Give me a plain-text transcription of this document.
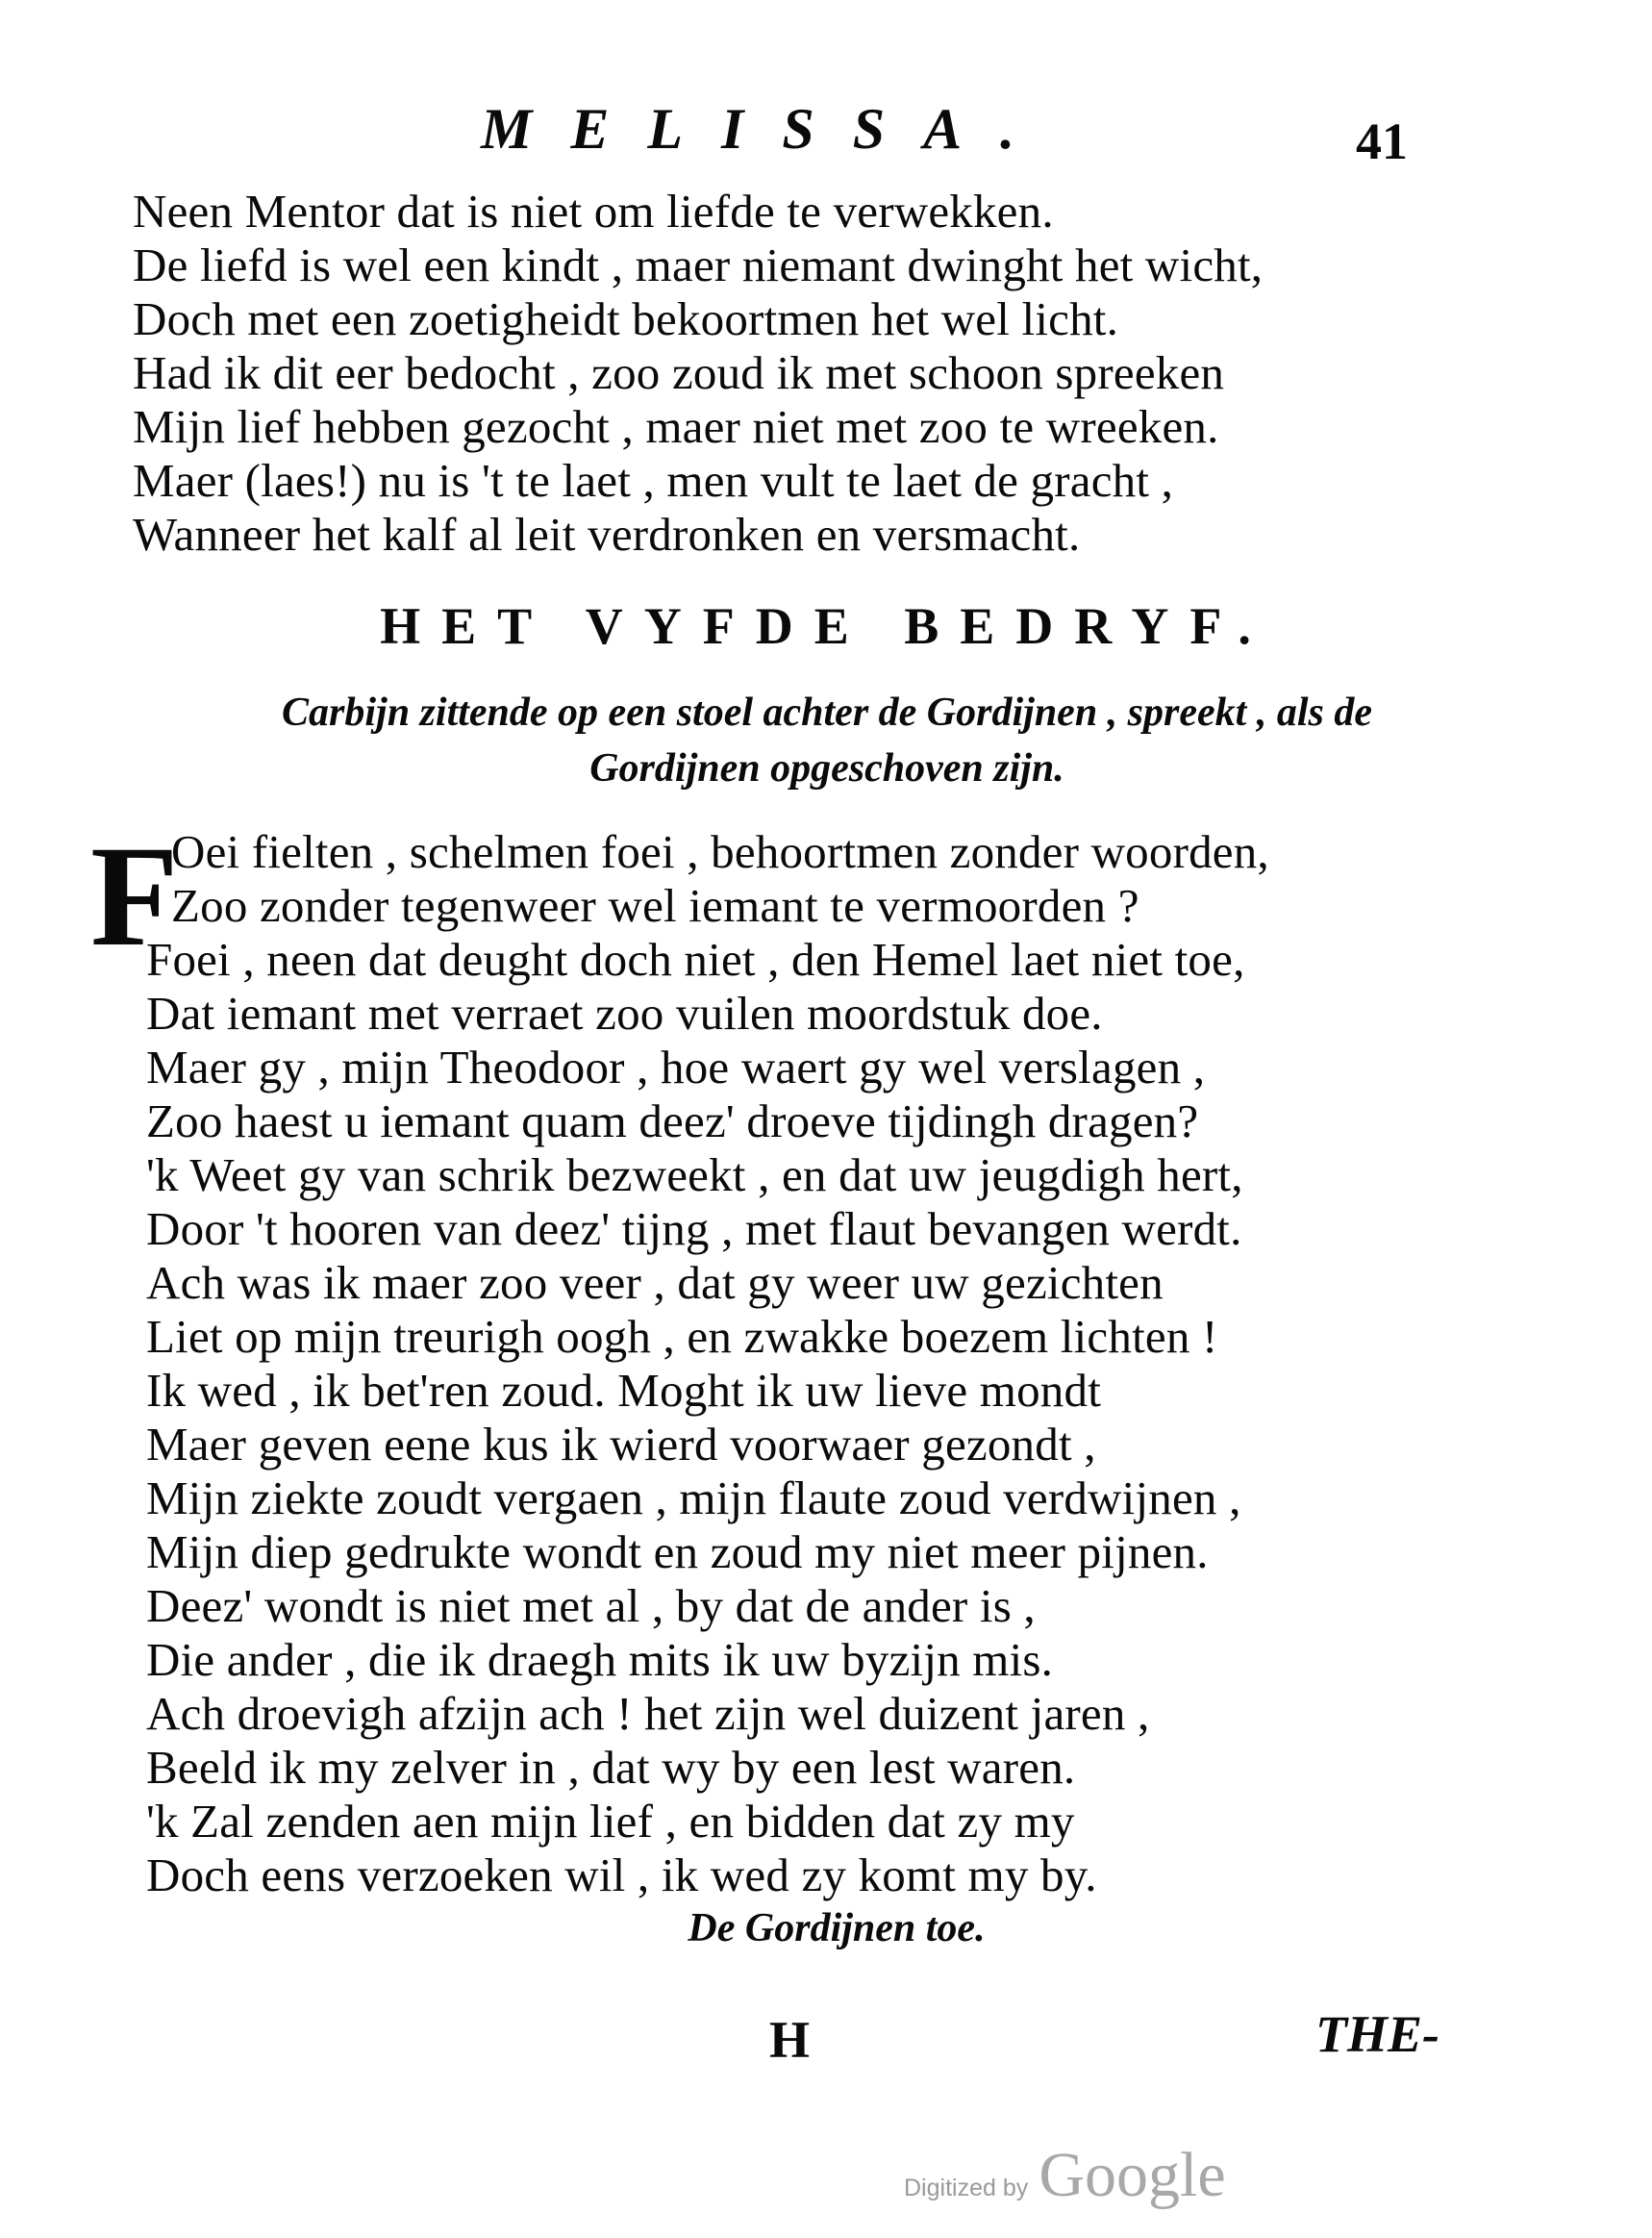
MELISSA.	41
Neen Mentor dat is niet om liefde te verwekken.
De liefd is wel een kindt , maer niemant dwinght het wicht,
Doch met een zoetigheidt bekoortmen het wel licht.
Had ik dit eer bedocht , zoo zoud ik met schoon spreeken
Mijn lief hebben gezocht , maer niet met zoo te wreeken.
Maer (laes!) nu is 't te laet , men vult te laet de gracht ,
Wanneer het kalf al leit verdronken en versmacht.
HET VYFDE BEDRYF.
Carbijn zittende op een stoel achter de Gordijnen , spreekt , als de
Gordijnen opgeschoven zijn.
F
Oei fielten , schelmen foei , behoortmen zonder woorden,
Zoo zonder tegenweer wel iemant te vermoorden ?
Foei , neen dat deught doch niet , den Hemel laet niet toe,
Dat iemant met verraet zoo vuilen moordstuk doe.
Maer gy , mijn Theodoor , hoe waert gy wel verslagen ,
Zoo haest u iemant quam deez' droeve tijdingh dragen?
'k Weet gy van schrik bezweekt , en dat uw jeugdigh hert,
Door 't hooren van deez' tijng , met flaut bevangen werdt.
Ach was ik maer zoo veer , dat gy weer uw gezichten
Liet op mijn treurigh oogh , en zwakke boezem lichten !
Ik wed , ik bet'ren zoud. Moght ik uw lieve mondt
Maer geven eene kus ik wierd voorwaer gezondt ,
Mijn ziekte zoudt vergaen , mijn flaute zoud verdwijnen ,
Mijn diep gedrukte wondt en zoud my niet meer pijnen.
Deez' wondt is niet met al , by dat de ander is ,
Die ander , die ik draegh mits ik uw byzijn mis.
Ach droevigh afzijn ach ! het zijn wel duizent jaren ,
Beeld ik my zelver in , dat wy by een lest waren.
'k Zal zenden aen mijn lief , en bidden dat zy my
Doch eens verzoeken wil , ik wed zy komt my by.
De Gordijnen toe.
H	THE-
Digitized by Google
